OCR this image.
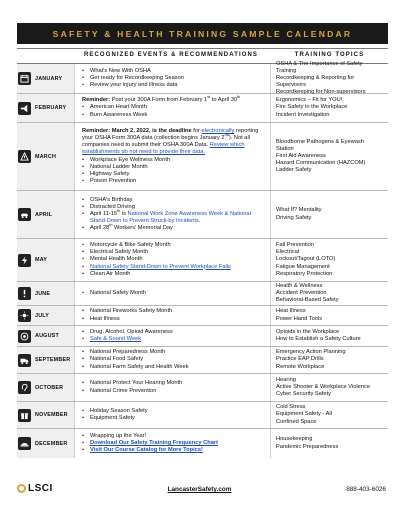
SAFETY & HEALTH TRAINING SAMPLE CALENDAR
RECOGNIZED EVENTS & RECOMMENDATIONS	TRAINING TOPICS
JANUARY
• What's New With OSHA
• Get ready for Recordkeeping Season
• Review your injury and illness data
OSHA & The Importance of Safety Training
Recordkeeping & Reporting for Supervisors
Recordkeeping for Non-supervisors
FEBRUARY
Reminder: Post your 300A Form from February 1st to April 30th
• American Heart Month
• Burn Awareness Week
Ergonomics – Fit for YOU!
Fire Safety in the Workplace
Incident Investigation
MARCH
Reminder: March 2, 2022, is the deadline for electronically reporting your OSHA Form 300A data (collection begins January 2nd). Not all companies need to submit their OSHA 300A Data. Review which establishments do not need to provide their data.
• Workplace Eye Wellness Month
• National Ladder Month
• Highway Safety
• Poison Prevention
Bloodborne Pathogens & Eyewash Station
First Aid Awareness
Hazard Communication (HAZCOM)
Ladder Safety
APRIL
• OSHA's Birthday
• Distracted Driving
• April 11-15th is National Work Zone Awareness Week & National Stand-Down to Prevent Struck-by Incidents.
• April 28th Workers' Memorial Day
What If? Mentality
Driving Safety
MAY
• Motorcycle & Bike Safety Month
• Electrical Safety Month
• Mental Health Month
• National Safety Stand-Down to Prevent Workplace Falls
• Clean Air Month
Fall Prevention
Electrical
Lockout/Tagout (LOTO)
Fatigue Management
Respiratory Protection
JUNE
•	National Safety Month
Health & Wellness
Accident Prevention
Behavioral-Based Safety
JULY
• National Fireworks Safety Month
• Heat Illness
Heat Illness
Power Hand Tools
AUGUST
• Drug, Alcohol, Opioid Awareness
• Safe & Sound Week
Opioids in the Workplace
How to Establish a Safety Culture
SEPTEMBER
• National Preparedness Month
• National Food Safety
• National Farm Safety and Health Week
Emergency Action Planning
Practice EAP Drills
Remote Workplace
OCTOBER
• National Protect Your Hearing Month
• National Crime Prevention
Hearing
Active Shooter & Workplace Violence
Cyber Security Safety
NOVEMBER
• Holiday Season Safety
• Equipment Safety
Cold Stress
Equipment Safety - All
Confined Space
DECEMBER
• Wrapping up the Year!
• Download Our Safety Training Frequency Chart
• Visit Our Course Catalog for More Topics!
Housekeeping
Pandemic Preparedness
LSCI	LancasterSafety.com	888-403-6026
